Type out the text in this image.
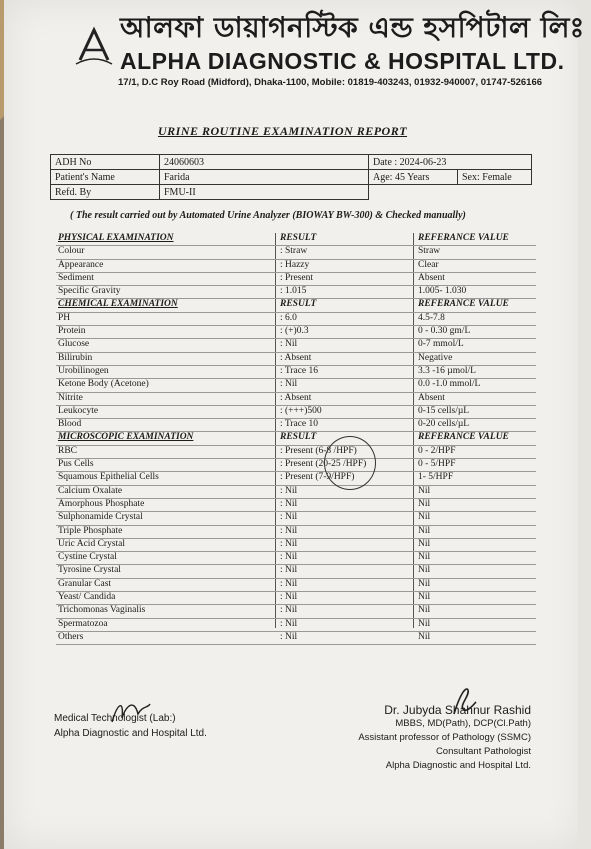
আলফা ডায়াগনস্টিক এন্ড হসপিটাল লিঃ
ALPHA DIAGNOSTIC & HOSPITAL LTD.
17/1, D.C Roy Road (Midford), Dhaka-1100, Mobile: 01819-403243, 01932-940007, 01747-526166
URINE ROUTINE EXAMINATION REPORT
ADH No	24060603	Date : 2024-06-23	
Patient's Name	Farida	Age: 45 Years	Sex: Female
Refd. By	FMU-II		
( The result carried out by Automated Urine Analyzer (BIOWAY BW-300) & Checked manually)
PHYSICAL EXAMINATION	RESULT	REFERANCE VALUE
Colour	: Straw	Straw
Appearance	: Hazzy	Clear
Sediment	: Present	Absent
Specific Gravity	: 1.015	1.005- 1.030
CHEMICAL EXAMINATION	RESULT	REFERANCE VALUE
PH	: 6.0	4.5-7.8
Protein	: (+)0.3	0 - 0.30 gm/L
Glucose	: Nil	0-7 mmol/L
Bilirubin	: Absent	Negative
Urobilinogen	: Trace 16	3.3 -16 µmol/L
Ketone Body (Acetone)	: Nil	0.0 -1.0 mmol/L
Nitrite	: Absent	Absent
Leukocyte	: (+++)500	0-15 cells/µL
Blood	: Trace 10	0-20 cells/µL
MICROSCOPIC EXAMINATION	RESULT	REFERANCE VALUE
RBC	: Present (6-8 /HPF)	0 - 2/HPF
Pus Cells	: Present (20-25 /HPF)	0 - 5/HPF
Squamous Epithelial Cells	: Present (7-9/HPF)	1- 5/HPF
Calcium Oxalate	: Nil	Nil
Amorphous Phosphate	: Nil	Nil
Sulphonamide Crystal	: Nil	Nil
Triple Phosphate	: Nil	Nil
Uric Acid Crystal	: Nil	Nil
Cystine Crystal	: Nil	Nil
Tyrosine Crystal	: Nil	Nil
Granular Cast	: Nil	Nil
Yeast/ Candida	: Nil	Nil
Trichomonas Vaginalis	: Nil	Nil
Spermatozoa	: Nil	Nil
Others	: Nil	Nil
Medical Technologist (Lab:)
Alpha Diagnostic and Hospital Ltd.
Dr. Jubyda Shahnur Rashid
MBBS, MD(Path), DCP(Cl.Path)
Assistant professor of Pathology (SSMC)
Consultant Pathologist
Alpha Diagnostic and Hospital Ltd.
